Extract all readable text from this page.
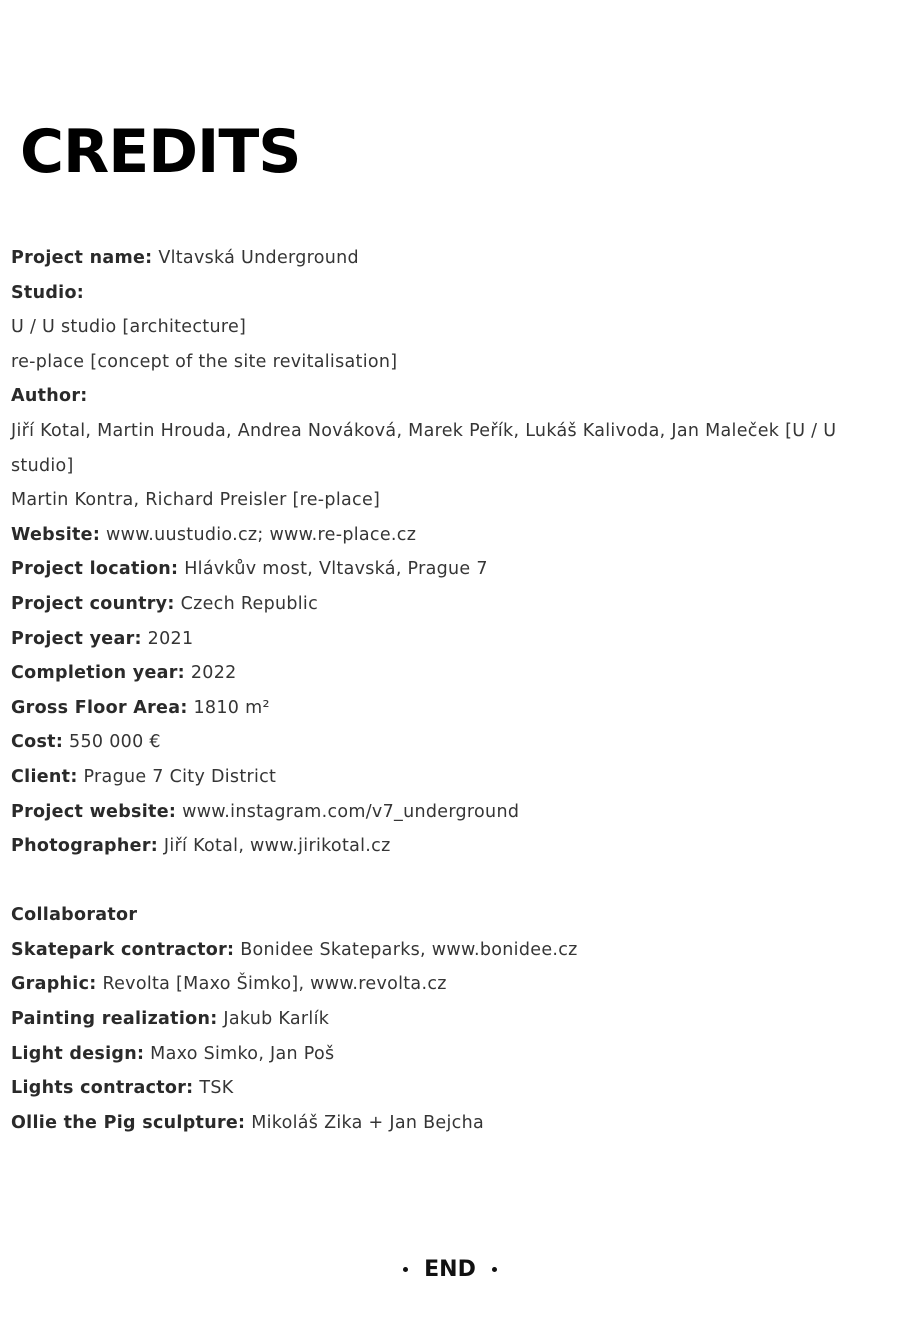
CREDITS
Project name: Vltavská Underground
Studio:
U / U studio [architecture]
re-place [concept of the site revitalisation]
Author:
Jiří Kotal, Martin Hrouda, Andrea Nováková, Marek Peřík, Lukáš Kalivoda, Jan Maleček [U / U studio]
Martin Kontra, Richard Preisler [re-place]
Website: www.uustudio.cz; www.re-place.cz
Project location: Hlávkův most, Vltavská, Prague 7
Project country: Czech Republic
Project year: 2021
Completion year: 2022
Gross Floor Area: 1810 m²
Cost: 550 000 €
Client: Prague 7 City District
Project website: www.instagram.com/v7_underground
Photographer: Jiří Kotal, www.jirikotal.cz
Collaborator
Skatepark contractor: Bonidee Skateparks, www.bonidee.cz
Graphic: Revolta [Maxo Šimko], www.revolta.cz
Painting realization: Jakub Karlík
Light design: Maxo Simko, Jan Poš
Lights contractor: TSK
Ollie the Pig sculpture: Mikoláš Zika + Jan Bejcha
END
